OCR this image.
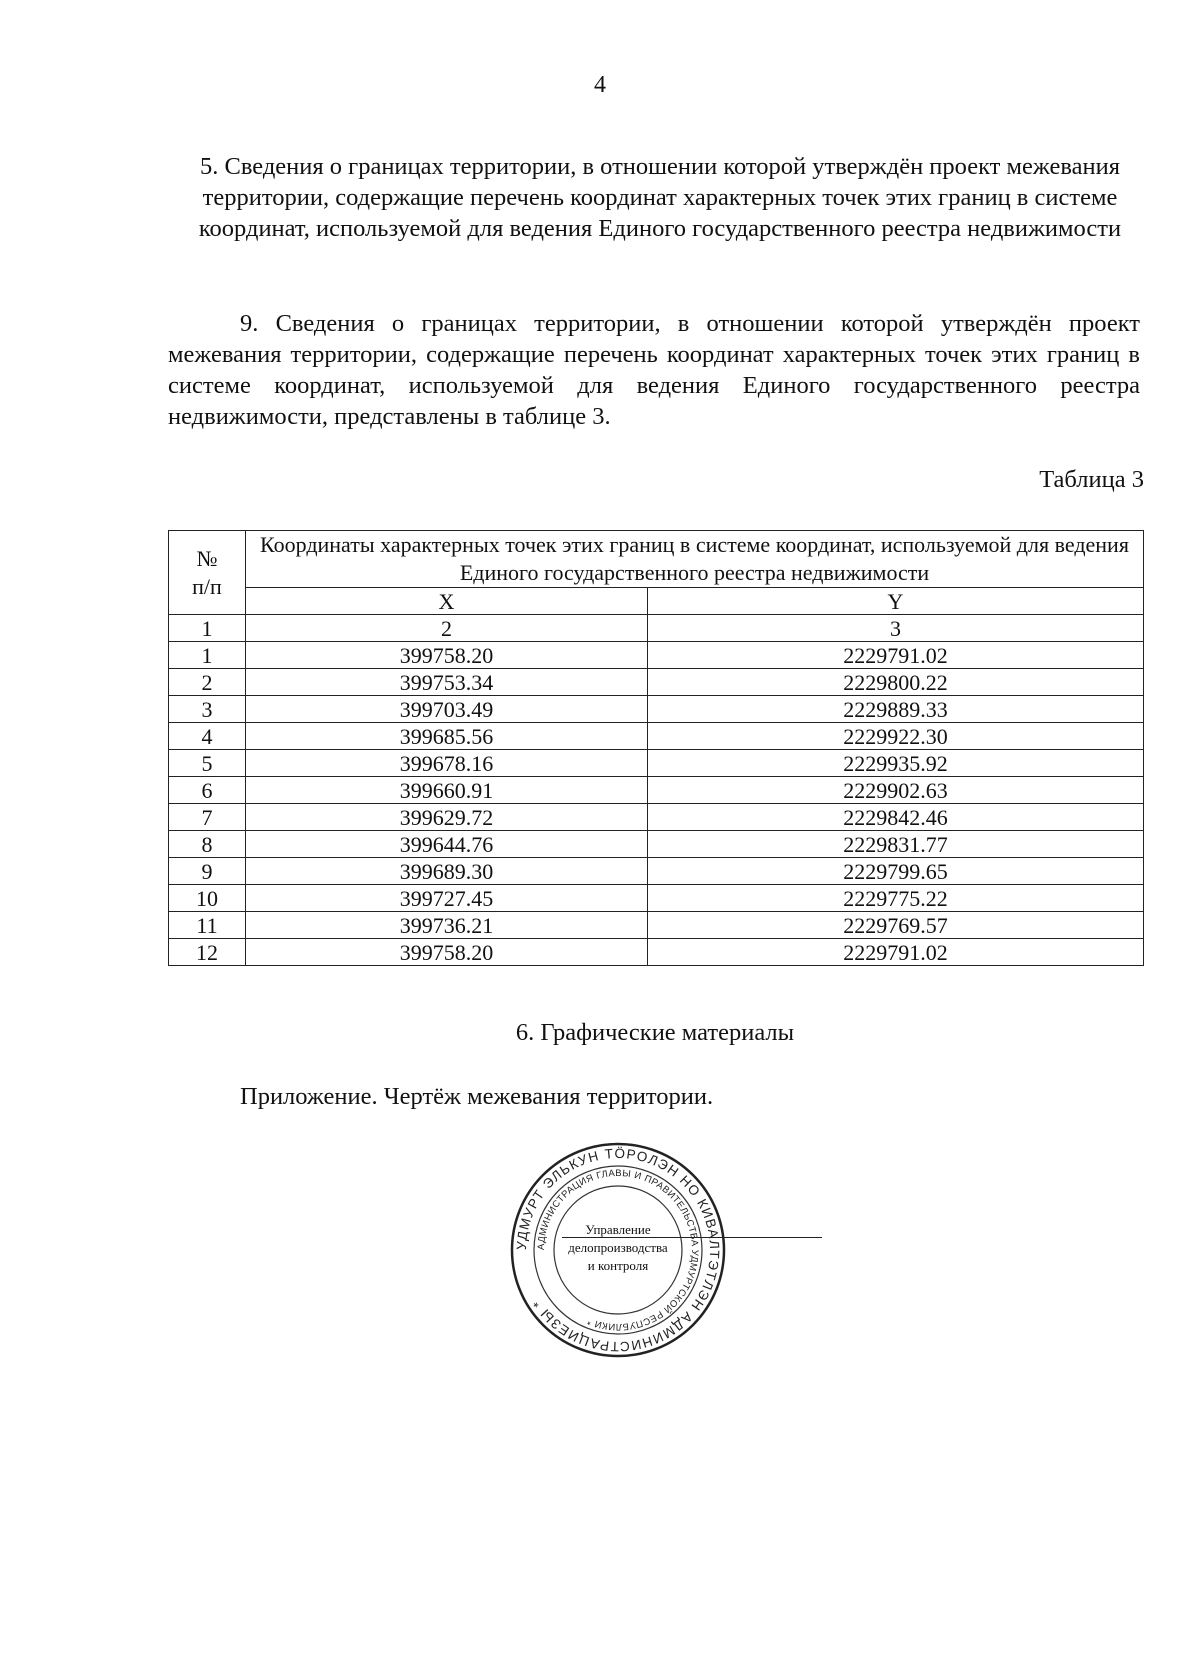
4
5. Сведения о границах территории, в отношении которой утверждён проект межевания территории, содержащие перечень координат характерных точек этих границ в системе координат, используемой для ведения Единого государственного реестра недвижимости
9. Сведения о границах территории, в отношении которой утверждён проект межевания территории, содержащие перечень координат характерных точек этих границ в системе координат, используемой для ведения Единого государственного реестра недвижимости, представлены в таблице 3.
Таблица 3
№
п/п	Координаты характерных точек этих границ в системе координат, используемой для ведения Единого государственного реестра недвижимости	
	X	Y
1	2	3
1	399758.20	2229791.02
2	399753.34	2229800.22
3	399703.49	2229889.33
4	399685.56	2229922.30
5	399678.16	2229935.92
6	399660.91	2229902.63
7	399629.72	2229842.46
8	399644.76	2229831.77
9	399689.30	2229799.65
10	399727.45	2229775.22
11	399736.21	2229769.57
12	399758.20	2229791.02
6. Графические материалы
Приложение. Чертёж межевания территории.
УДМУРТ ЭЛЬКУН ТӦРОЛЭН НО КИВАЛТЭТЛЭН АДМИНИСТРАЦИЕЗЫ *
АДМИНИСТРАЦИЯ ГЛАВЫ И ПРАВИТЕЛЬСТВА УДМУРТСКОЙ РЕСПУБЛИКИ *
Управление
делопроизводства
и контроля
